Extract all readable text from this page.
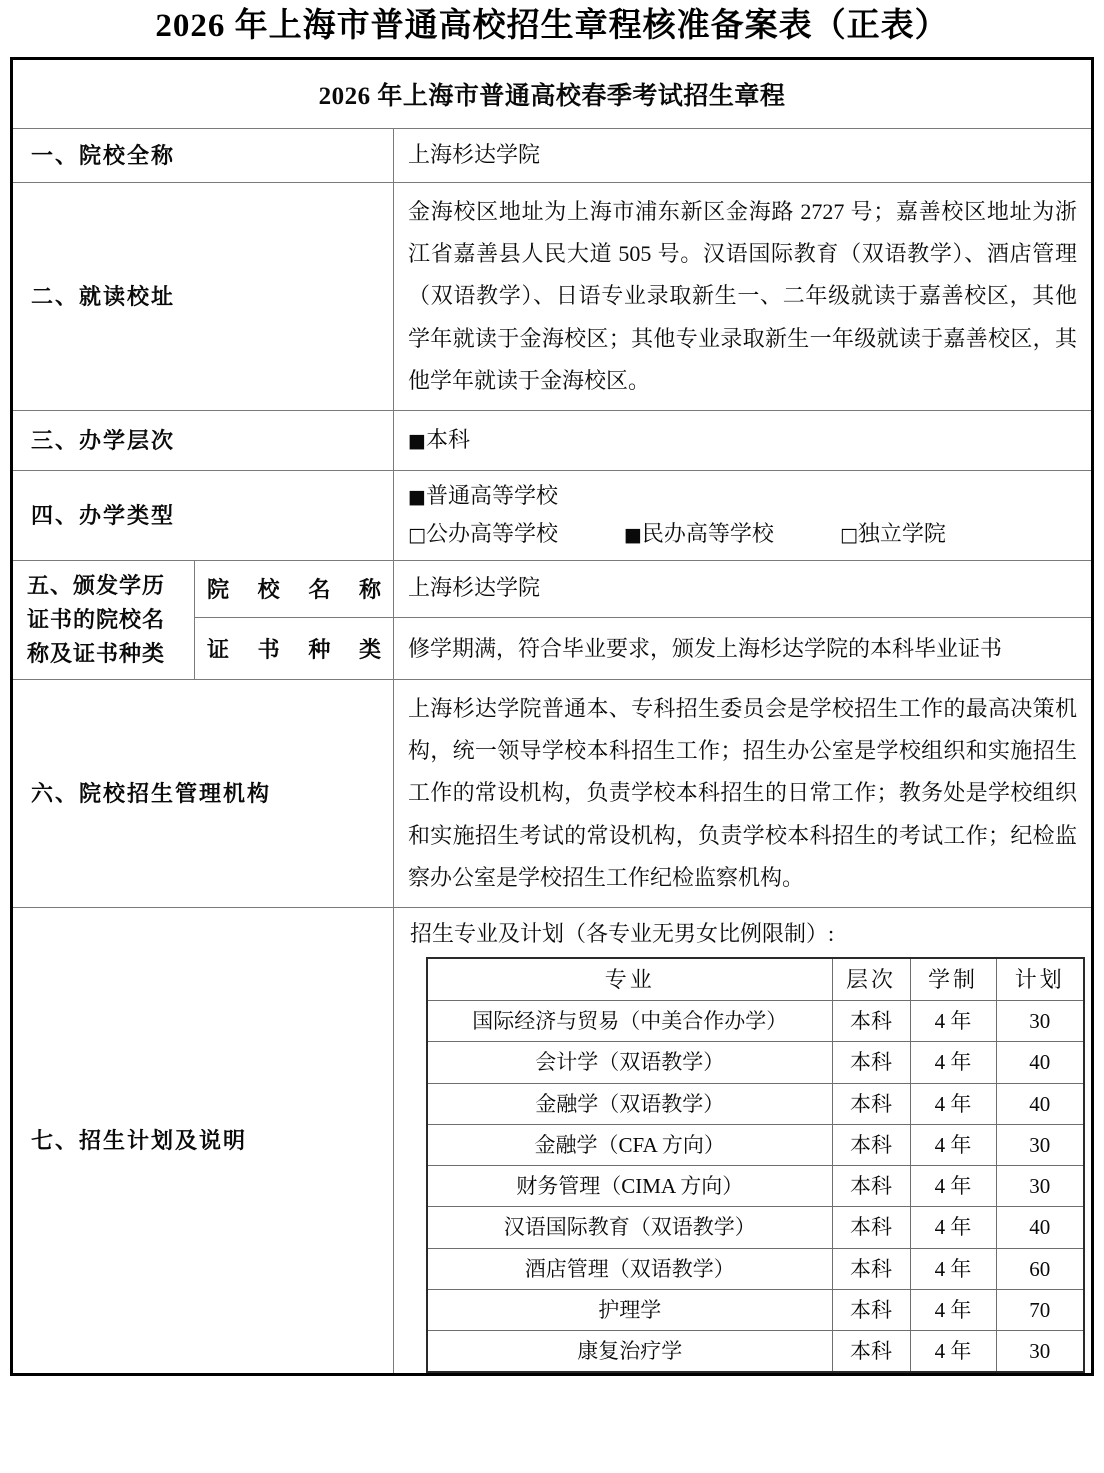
2026 年上海市普通高校招生章程核准备案表（正表）
2026 年上海市普通高校春季考试招生章程
一、院校全称	上海杉达学院
二、就读校址	金海校区地址为上海市浦东新区金海路 2727 号；嘉善校区地址为浙江省嘉善县人民大道 505 号。汉语国际教育（双语教学）、酒店管理（双语教学）、日语专业录取新生一、二年级就读于嘉善校区，其他学年就读于金海校区；其他专业录取新生一年级就读于嘉善校区，其他学年就读于金海校区。
三、办学层次	■本科

四、办学类型	
■普通高等学校
□公办高等学校	■民办高等学校	□独立学院

五、颁发学历证书的院校名称及证书种类	院校名称	上海杉达学院
证书种类	修学期满，符合毕业要求，颁发上海杉达学院的本科毕业证书
六、院校招生管理机构	上海杉达学院普通本、专科招生委员会是学校招生工作的最高决策机构，统一领导学校本科招生工作；招生办公室是学校组织和实施招生工作的常设机构，负责学校本科招生的日常工作；教务处是学校组织和实施招生考试的常设机构，负责学校本科招生的考试工作；纪检监察办公室是学校招生工作纪检监察机构。
七、招生计划及说明	
招生专业及计划（各专业无男女比例限制）:
专业	层次	学制	计划
国际经济与贸易（中美合作办学）	本科	4 年	30
会计学（双语教学）	本科	4 年	40
金融学（双语教学）	本科	4 年	40
金融学（CFA 方向）	本科	4 年	30
财务管理（CIMA 方向）	本科	4 年	30
汉语国际教育（双语教学）	本科	4 年	40
酒店管理（双语教学）	本科	4 年	60
护理学	本科	4 年	70
康复治疗学	本科	4 年	30
